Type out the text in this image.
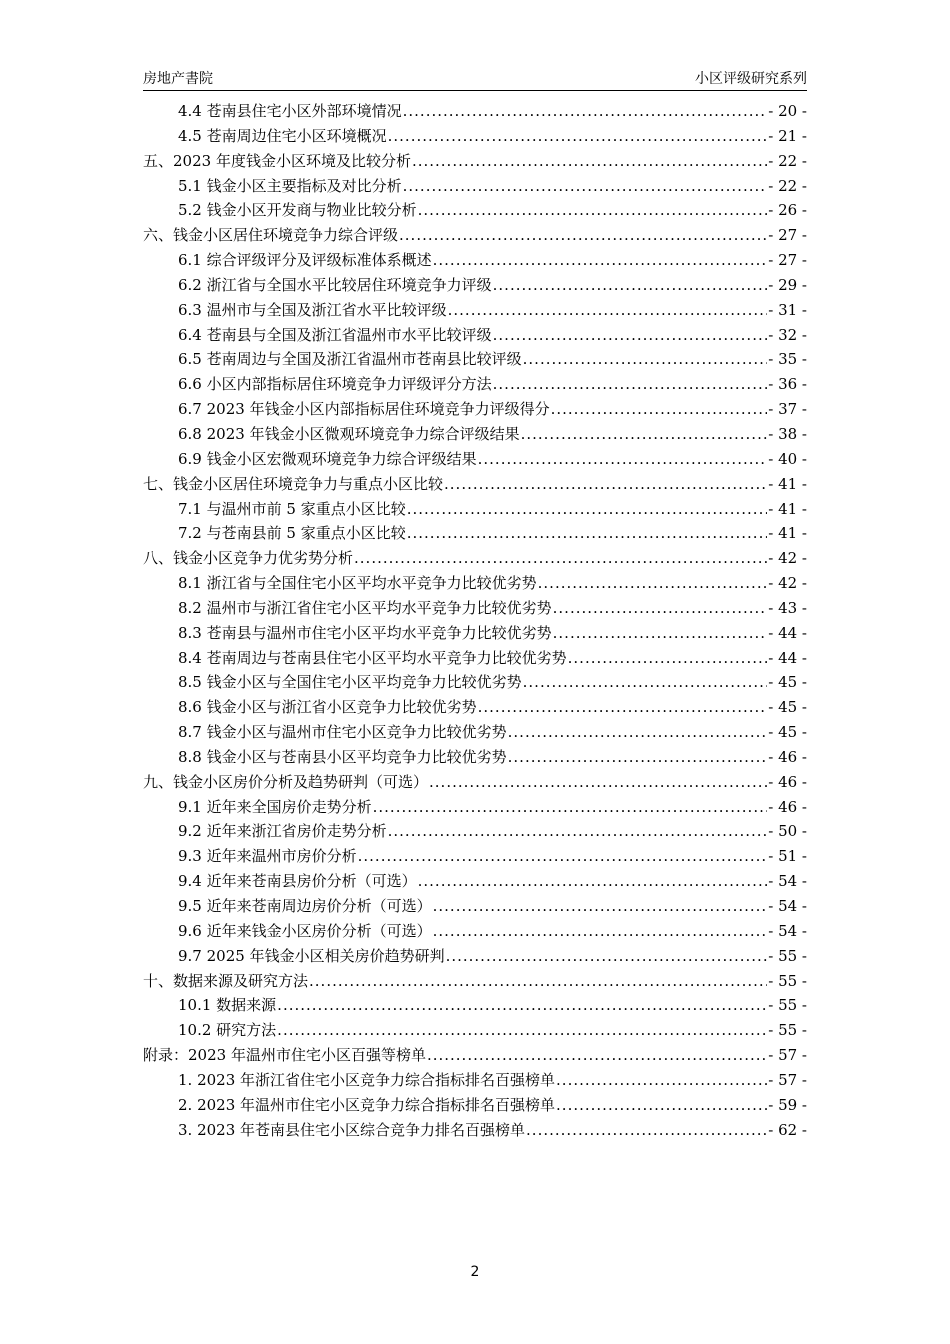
房地产書院	小区评级研究系列
4.4 苍南县住宅小区外部环境情况 .....	- 20 -
4.5 苍南周边住宅小区环境概况 .....	- 21 -
五、2023 年度钱金小区环境及比较分析 .....	- 22 -
5.1 钱金小区主要指标及对比分析 .....	- 22 -
5.2 钱金小区开发商与物业比较分析 .....	- 26 -
六、钱金小区居住环境竞争力综合评级 .....	- 27 -
6.1 综合评级评分及评级标准体系概述 .....	- 27 -
6.2 浙江省与全国水平比较居住环境竞争力评级 .....	- 29 -
6.3 温州市与全国及浙江省水平比较评级 .....	- 31 -
6.4 苍南县与全国及浙江省温州市水平比较评级 .....	- 32 -
6.5 苍南周边与全国及浙江省温州市苍南县比较评级 .....	- 35 -
6.6 小区内部指标居住环境竞争力评级评分方法 .....	- 36 -
6.7 2023 年钱金小区内部指标居住环境竞争力评级得分 .....	- 37 -
6.8 2023 年钱金小区微观环境竞争力综合评级结果 .....	- 38 -
6.9 钱金小区宏微观环境竞争力综合评级结果 .....	- 40 -
七、钱金小区居住环境竞争力与重点小区比较 .....	- 41 -
7.1 与温州市前 5 家重点小区比较 .....	- 41 -
7.2 与苍南县前 5 家重点小区比较 .....	- 41 -
八、钱金小区竞争力优劣势分析 .....	- 42 -
8.1 浙江省与全国住宅小区平均水平竞争力比较优劣势 .....	- 42 -
8.2 温州市与浙江省住宅小区平均水平竞争力比较优劣势 .....	- 43 -
8.3 苍南县与温州市住宅小区平均水平竞争力比较优劣势 .....	- 44 -
8.4 苍南周边与苍南县住宅小区平均水平竞争力比较优劣势 .....	- 44 -
8.5 钱金小区与全国住宅小区平均竞争力比较优劣势 .....	- 45 -
8.6 钱金小区与浙江省小区竞争力比较优劣势 .....	- 45 -
8.7 钱金小区与温州市住宅小区竞争力比较优劣势 .....	- 45 -
8.8 钱金小区与苍南县小区平均竞争力比较优劣势 .....	- 46 -
九、钱金小区房价分析及趋势研判（可选） .....	- 46 -
9.1 近年来全国房价走势分析 .....	- 46 -
9.2 近年来浙江省房价走势分析 .....	- 50 -
9.3 近年来温州市房价分析 .....	- 51 -
9.4 近年来苍南县房价分析（可选） .....	- 54 -
9.5 近年来苍南周边房价分析（可选） .....	- 54 -
9.6 近年来钱金小区房价分析（可选） .....	- 54 -
9.7 2025 年钱金小区相关房价趋势研判 .....	- 55 -
十、数据来源及研究方法 .....	- 55 -
10.1 数据来源 .....	- 55 -
10.2 研究方法 .....	- 55 -
附录：2023 年温州市住宅小区百强等榜单 .....	- 57 -
1. 2023 年浙江省住宅小区竞争力综合指标排名百强榜单 .....	- 57 -
2. 2023 年温州市住宅小区竞争力综合指标排名百强榜单 .....	- 59 -
3. 2023 年苍南县住宅小区综合竞争力排名百强榜单 .....	- 62 -
2
